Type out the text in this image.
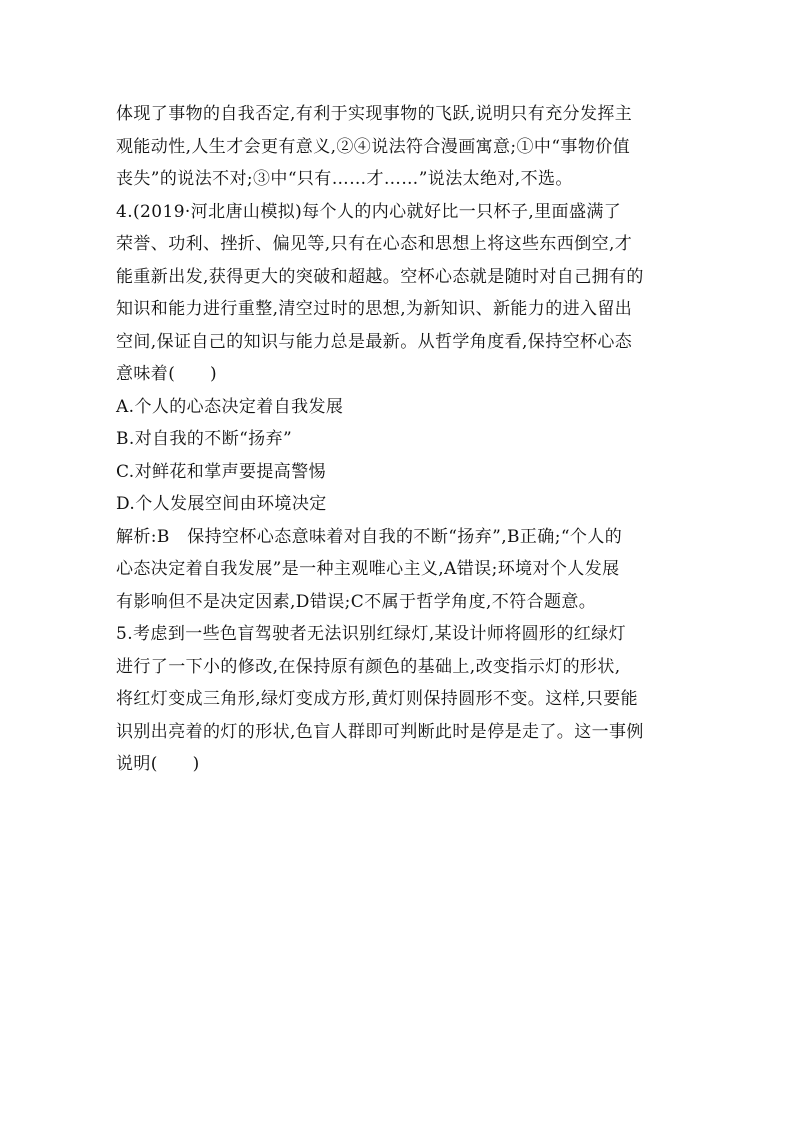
体现了事物的自我否定,有利于实现事物的飞跃,说明只有充分发挥主
观能动性,人生才会更有意义,②④说法符合漫画寓意;①中“事物价值
丧失”的说法不对;③中“只有……才……”说法太绝对,不选。
4.(2019·河北唐山模拟)每个人的内心就好比一只杯子,里面盛满了
荣誉、功利、挫折、偏见等,只有在心态和思想上将这些东西倒空,才
能重新出发,获得更大的突破和超越。空杯心态就是随时对自己拥有的
知识和能力进行重整,清空过时的思想,为新知识、新能力的进入留出
空间,保证自己的知识与能力总是最新。从哲学角度看,保持空杯心态
意味着(　　)
A.个人的心态决定着自我发展
B.对自我的不断“扬弃”
C.对鲜花和掌声要提高警惕
D.个人发展空间由环境决定
解析:B　保持空杯心态意味着对自我的不断“扬弃”,B正确;“个人的
心态决定着自我发展”是一种主观唯心主义,A错误;环境对个人发展
有影响但不是决定因素,D错误;C不属于哲学角度,不符合题意。
5.考虑到一些色盲驾驶者无法识别红绿灯,某设计师将圆形的红绿灯
进行了一下小的修改,在保持原有颜色的基础上,改变指示灯的形状,
将红灯变成三角形,绿灯变成方形,黄灯则保持圆形不变。这样,只要能
识别出亮着的灯的形状,色盲人群即可判断此时是停是走了。这一事例
说明(　　)
